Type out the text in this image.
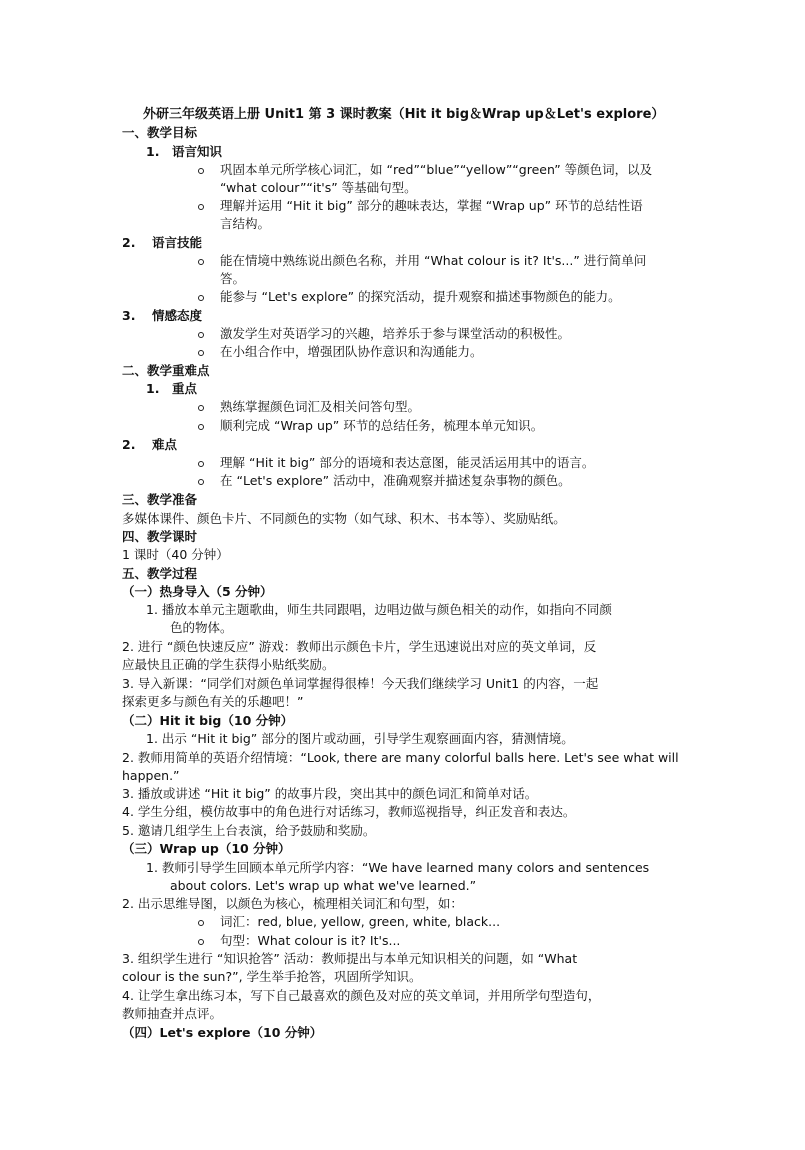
外研三年级英语上册 Unit1 第 3 课时教案（Hit it big＆Wrap up＆Let's explore）
一、教学目标
1. 语言知识
巩固本单元所学核心词汇，如 “red”“blue”“yellow”“green” 等颜色词，以及
“what colour”“it's” 等基础句型。
理解并运用 “Hit it big” 部分的趣味表达，掌握 “Wrap up” 环节的总结性语
言结构。
2. 语言技能
能在情境中熟练说出颜色名称，并用 “What colour is it? It's...” 进行简单问
答。
能参与 “Let's explore” 的探究活动，提升观察和描述事物颜色的能力。
3. 情感态度
激发学生对英语学习的兴趣，培养乐于参与课堂活动的积极性。
在小组合作中，增强团队协作意识和沟通能力。
二、教学重难点
1. 重点
熟练掌握颜色词汇及相关问答句型。
顺利完成 “Wrap up” 环节的总结任务，梳理本单元知识。
2. 难点
理解 “Hit it big” 部分的语境和表达意图，能灵活运用其中的语言。
在 “Let's explore” 活动中，准确观察并描述复杂事物的颜色。
三、教学准备
多媒体课件、颜色卡片、不同颜色的实物（如气球、积木、书本等）、奖励贴纸。
四、教学课时
1 课时（40 分钟）
五、教学过程
（一）热身导入（5 分钟）
1. 播放本单元主题歌曲，师生共同跟唱，边唱边做与颜色相关的动作，如指向不同颜
色的物体。
2. 进行 “颜色快速反应” 游戏：教师出示颜色卡片，学生迅速说出对应的英文单词，反
应最快且正确的学生获得小贴纸奖励。
3. 导入新课：“同学们对颜色单词掌握得很棒！今天我们继续学习 Unit1 的内容，一起
探索更多与颜色有关的乐趣吧！”
（二）Hit it big（10 分钟）
1. 出示 “Hit it big” 部分的图片或动画，引导学生观察画面内容，猜测情境。
2. 教师用简单的英语介绍情境：“Look, there are many colorful balls here. Let's see what will
happen.”
3. 播放或讲述 “Hit it big” 的故事片段，突出其中的颜色词汇和简单对话。
4. 学生分组，模仿故事中的角色进行对话练习，教师巡视指导，纠正发音和表达。
5. 邀请几组学生上台表演，给予鼓励和奖励。
（三）Wrap up（10 分钟）
1. 教师引导学生回顾本单元所学内容：“We have learned many colors and sentences
about colors. Let's wrap up what we've learned.”
2. 出示思维导图，以颜色为核心，梳理相关词汇和句型，如：
词汇：red, blue, yellow, green, white, black...
句型：What colour is it? It's...
3. 组织学生进行 “知识抢答” 活动：教师提出与本单元知识相关的问题，如 “What
colour is the sun?”, 学生举手抢答，巩固所学知识。
4. 让学生拿出练习本，写下自己最喜欢的颜色及对应的英文单词，并用所学句型造句，
教师抽查并点评。
（四）Let's explore（10 分钟）
